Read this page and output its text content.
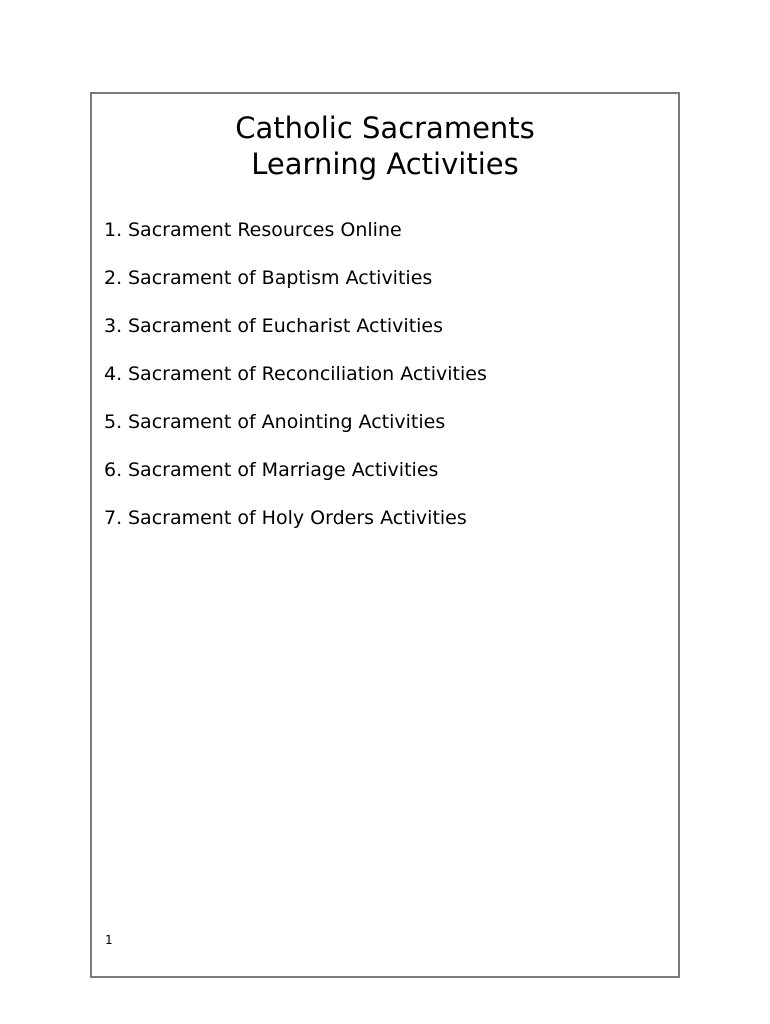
Catholic Sacraments
Learning Activities
1. Sacrament Resources Online
2. Sacrament of Baptism Activities
3. Sacrament of Eucharist Activities
4. Sacrament of Reconciliation Activities
5. Sacrament of Anointing Activities
6. Sacrament of Marriage Activities
7. Sacrament of Holy Orders Activities
1
